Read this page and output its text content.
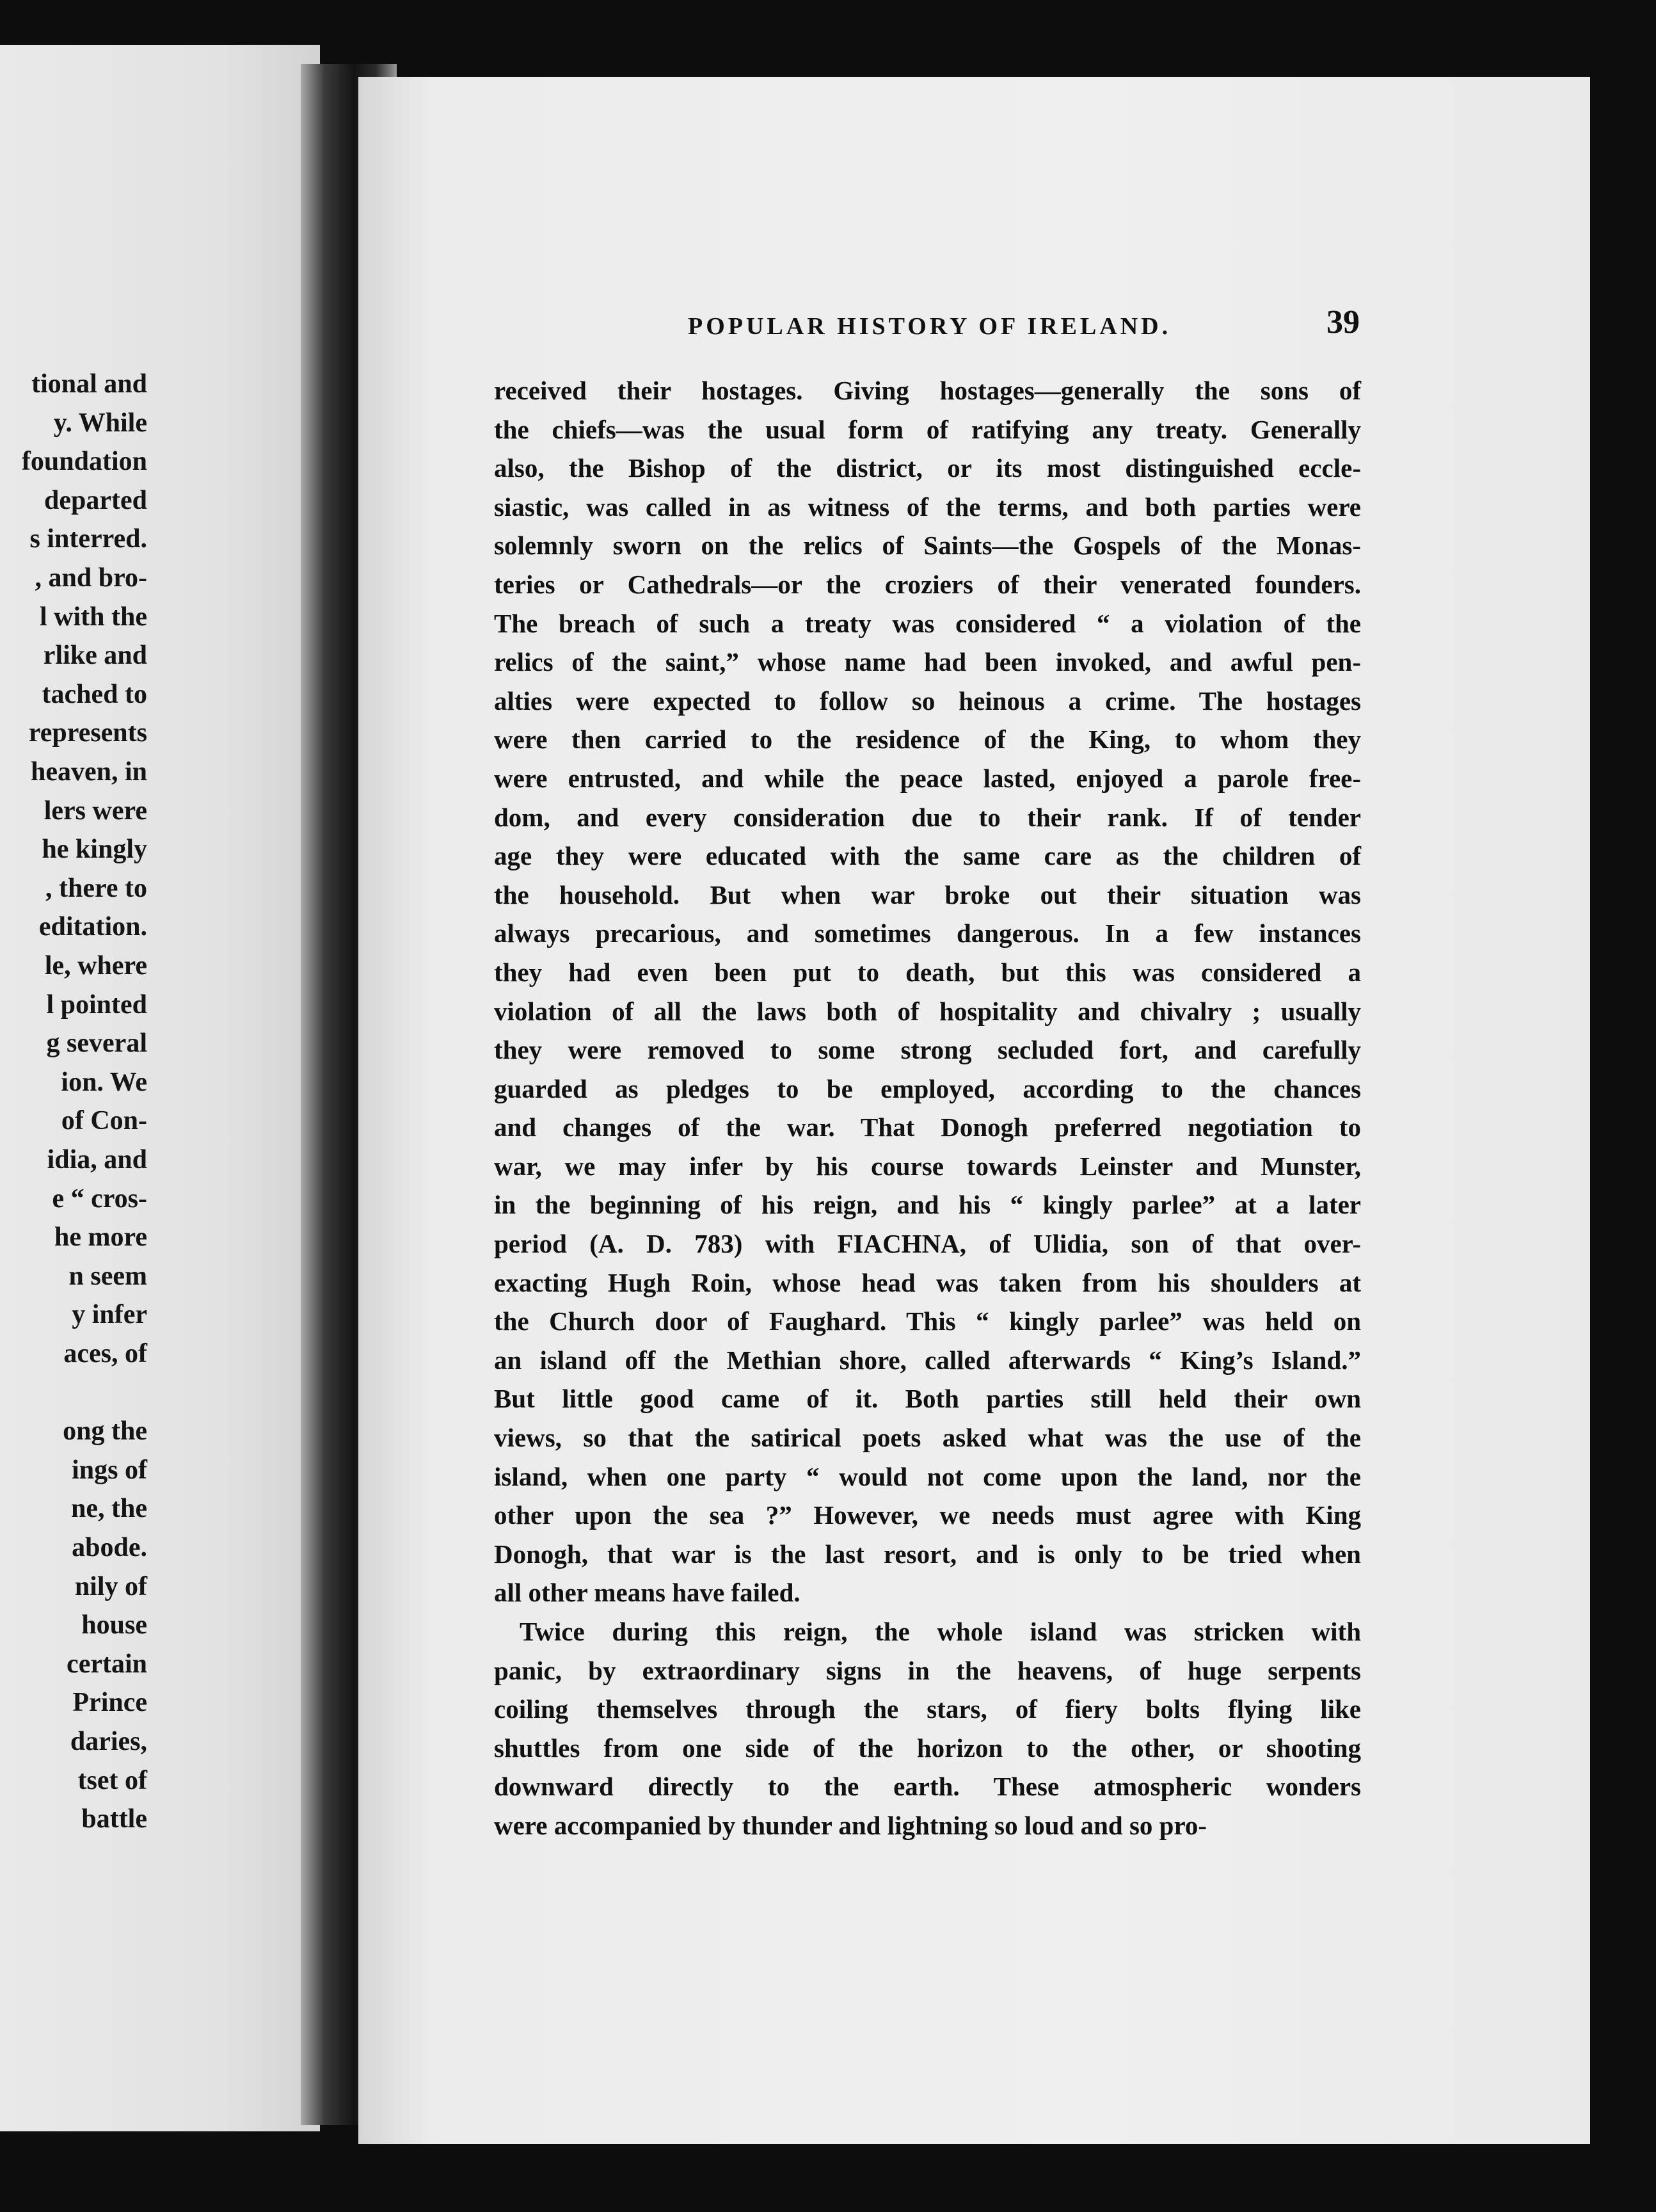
tional and
y. While
foundation
departed
s interred.
, and bro-
l with the
rlike and
tached to
represents
heaven, in
lers were
he kingly
, there to
editation.
le, where
l pointed
g several
ion. We
of Con-
idia, and
e “ cros-
he more
n seem
y infer
aces, of
ong the
ings of
ne, the
abode.
nily of
house
certain
Prince
daries,
tset of
battle
POPULAR HISTORY OF IRELAND.	39
received their hostages. Giving hostages—generally the sons of
the chiefs—was the usual form of ratifying any treaty. Generally
also, the Bishop of the district, or its most distinguished eccle-
siastic, was called in as witness of the terms, and both parties were
solemnly sworn on the relics of Saints—the Gospels of the Monas-
teries or Cathedrals—or the croziers of their venerated founders.
The breach of such a treaty was considered “ a violation of the
relics of the saint,” whose name had been invoked, and awful pen-
alties were expected to follow so heinous a crime. The hostages
were then carried to the residence of the King, to whom they
were entrusted, and while the peace lasted, enjoyed a parole free-
dom, and every consideration due to their rank. If of tender
age they were educated with the same care as the children of
the household. But when war broke out their situation was
always precarious, and sometimes dangerous. In a few instances
they had even been put to death, but this was considered a
violation of all the laws both of hospitality and chivalry ; usually
they were removed to some strong secluded fort, and carefully
guarded as pledges to be employed, according to the chances
and changes of the war. That Donogh preferred negotiation to
war, we may infer by his course towards Leinster and Munster,
in the beginning of his reign, and his “ kingly parlee” at a later
period (A. D. 783) with FIACHNA, of Ulidia, son of that over-
exacting Hugh Roin, whose head was taken from his shoulders at
the Church door of Faughard. This “ kingly parlee” was held on
an island off the Methian shore, called afterwards “ King’s Island.”
But little good came of it. Both parties still held their own
views, so that the satirical poets asked what was the use of the
island, when one party “ would not come upon the land, nor the
other upon the sea ?” However, we needs must agree with King
Donogh, that war is the last resort, and is only to be tried when
all other means have failed.
Twice during this reign, the whole island was stricken with
panic, by extraordinary signs in the heavens, of huge serpents
coiling themselves through the stars, of fiery bolts flying like
shuttles from one side of the horizon to the other, or shooting
downward directly to the earth. These atmospheric wonders
were accompanied by thunder and lightning so loud and so pro-
